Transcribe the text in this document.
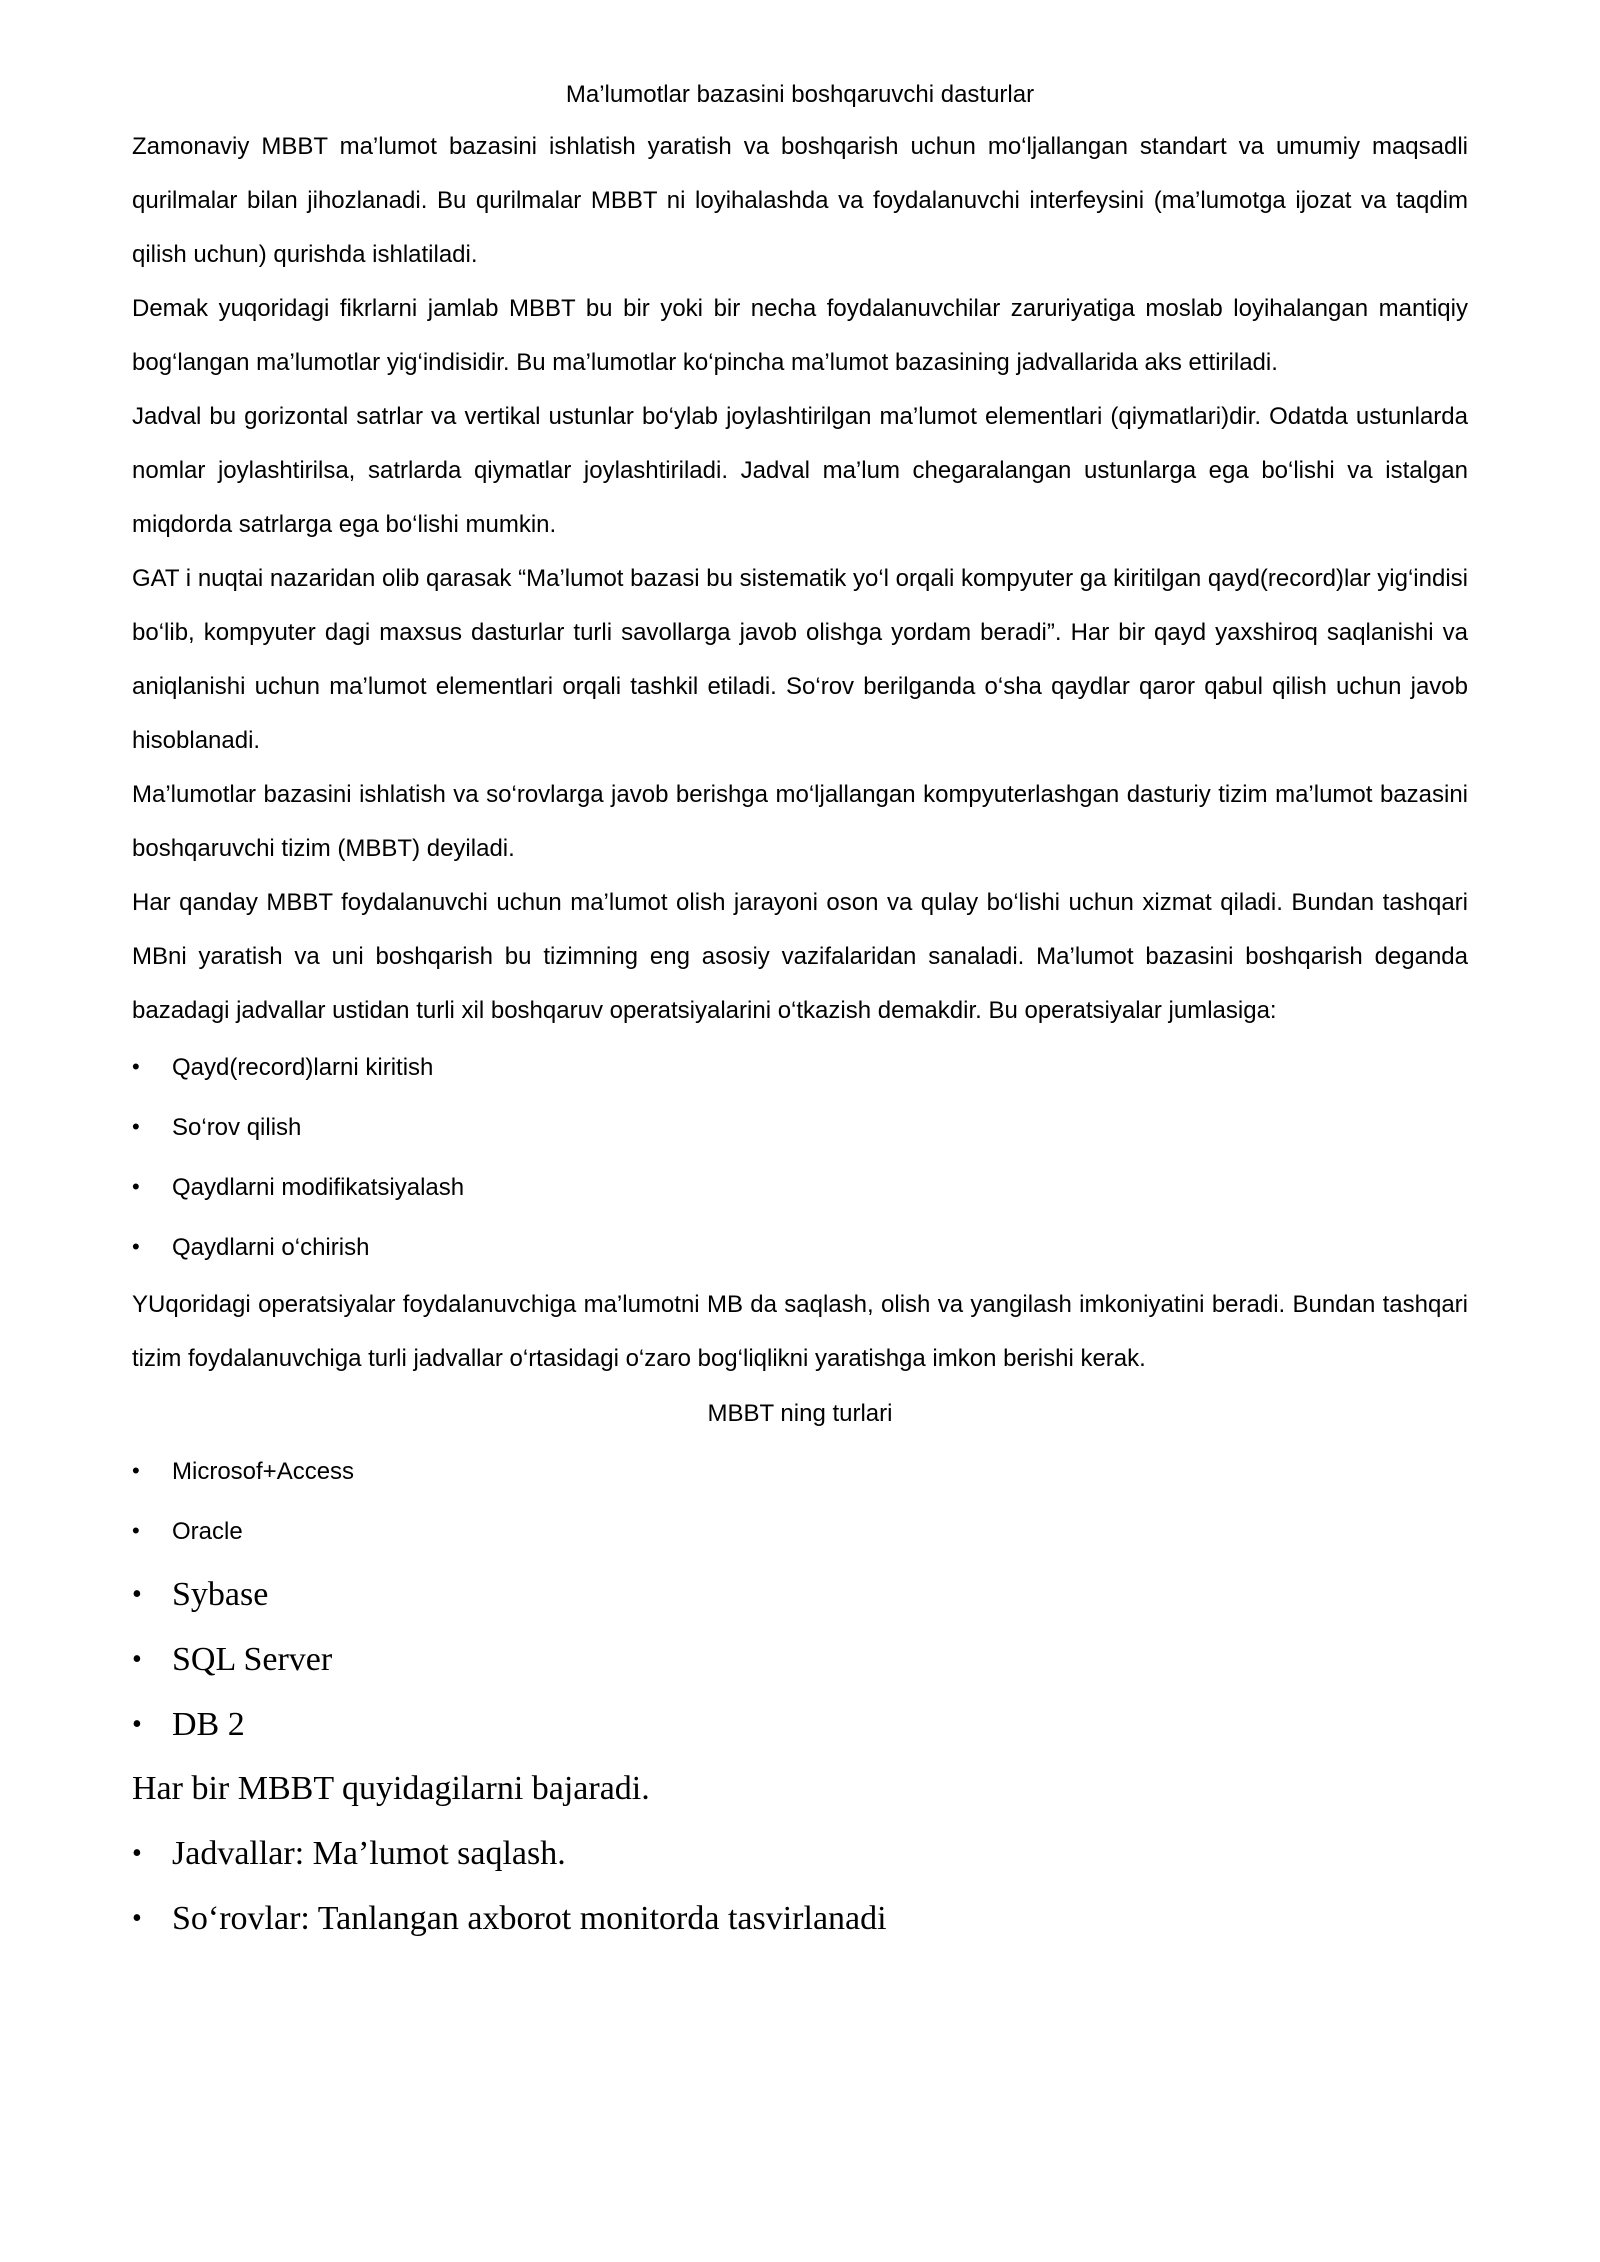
Ma’lumotlar bazasini boshqaruvchi dasturlar

Zamonaviy MBBT ma’lumot bazasini ishlatish yaratish va boshqarish uchun mo‘ljallangan standart va umumiy maqsadli qurilmalar bilan jihozlanadi. Bu qurilmalar MBBT ni loyihalashda va foydalanuvchi interfeysini (ma’lumotga ijozat va taqdim qilish uchun) qurishda ishlatiladi.

Demak yuqoridagi fikrlarni jamlab MBBT bu bir yoki bir necha foydalanuvchilar zaruriyatiga moslab loyihalangan mantiqiy bog‘langan ma’lumotlar yig‘indisidir. Bu ma’lumotlar ko‘pincha ma’lumot bazasining jadvallarida aks ettiriladi.

Jadval bu gorizontal satrlar va vertikal ustunlar bo‘ylab joylashtirilgan ma’lumot elementlari (qiymatlari)dir. Odatda ustunlarda nomlar joylashtirilsa, satrlarda qiymatlar joylashtiriladi. Jadval ma’lum chegaralangan ustunlarga ega bo‘lishi va istalgan miqdorda satrlarga ega bo‘lishi mumkin.

GAT i nuqtai nazaridan olib qarasak “Ma’lumot bazasi bu sistematik yo‘l orqali kompyuter ga kiritilgan qayd(record)lar yig‘indisi bo‘lib, kompyuter dagi maxsus dasturlar turli savollarga javob olishga yordam beradi”. Har bir qayd yaxshiroq saqlanishi va aniqlanishi uchun ma’lumot elementlari orqali tashkil etiladi. So‘rov berilganda o‘sha qaydlar qaror qabul qilish uchun javob hisoblanadi.

Ma’lumotlar bazasini ishlatish va so‘rovlarga javob berishga mo‘ljallangan kompyuterlashgan dasturiy tizim ma’lumot bazasini boshqaruvchi tizim (MBBT) deyiladi.

Har qanday MBBT foydalanuvchi uchun ma’lumot olish jarayoni oson va qulay bo‘lishi uchun xizmat qiladi. Bundan tashqari MBni yaratish va uni boshqarish bu tizimning eng asosiy vazifalaridan sanaladi. Ma’lumot bazasini boshqarish deganda bazadagi jadvallar ustidan turli xil boshqaruv operatsiyalarini o‘tkazish demakdir. Bu operatsiyalar jumlasiga:

•	Qayd(record)larni kiritish
•	So‘rov qilish
•	Qaydlarni modifikatsiyalash
•	Qaydlarni o‘chirish

YUqoridagi operatsiyalar foydalanuvchiga ma’lumotni MB da saqlash, olish va yangilash imkoniyatini beradi. Bundan tashqari tizim foydalanuvchiga turli jadvallar o‘rtasidagi o‘zaro bog‘liqlikni yaratishga imkon berishi kerak.

MBBT ning turlari
•	Microsof+Access
•	Oracle
• Sybase
• SQL Server
• DB 2

Har bir MBBT quyidagilarni bajaradi.

• Jadvallar: Ma’lumot saqlash.
• So‘rovlar: Tanlangan axborot monitorda tasvirlanadi
